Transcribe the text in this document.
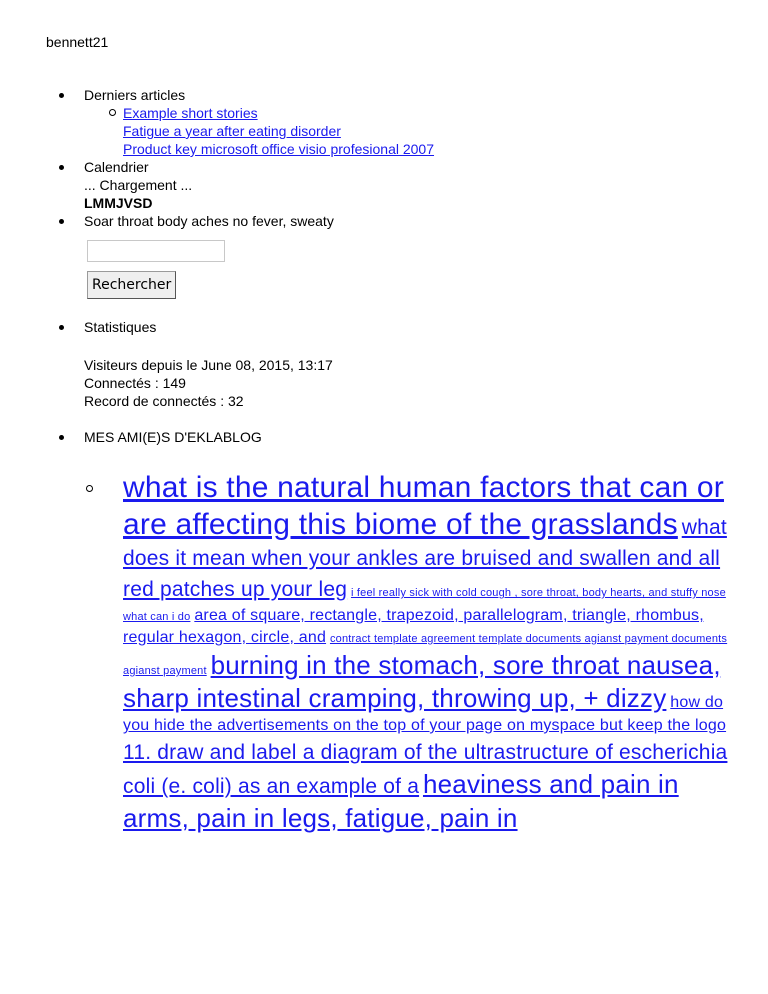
bennett21
Derniers articles
Example short stories
Fatigue a year after eating disorder
Product key microsoft office visio profesional 2007
Calendrier
... Chargement ...
LMMJVSD
Soar throat body aches no fever, sweaty
Rechercher
Statistiques
Visiteurs depuis le June 08, 2015, 13:17
Connectés : 149
Record de connectés : 32
MES AMI(E)S D'EKLABLOG
what is the natural human factors that can or are affecting this biome of the grasslands what does it mean when your ankles are bruised and swallen and all red patches up your leg i feel really sick with cold cough , sore throat, body hearts, and stuffy nose what can i do area of square, rectangle, trapezoid, parallelogram, triangle, rhombus, regular hexagon, circle, and contract template agreement template documents agianst payment documents agianst payment burning in the stomach, sore throat nausea, sharp intestinal cramping, throwing up, + dizzy how do you hide the advertisements on the top of your page on myspace but keep the logo 11. draw and label a diagram of the ultrastructure of escherichia coli (e. coli) as an example of a heaviness and pain in arms, pain in legs, fatigue, pain in
